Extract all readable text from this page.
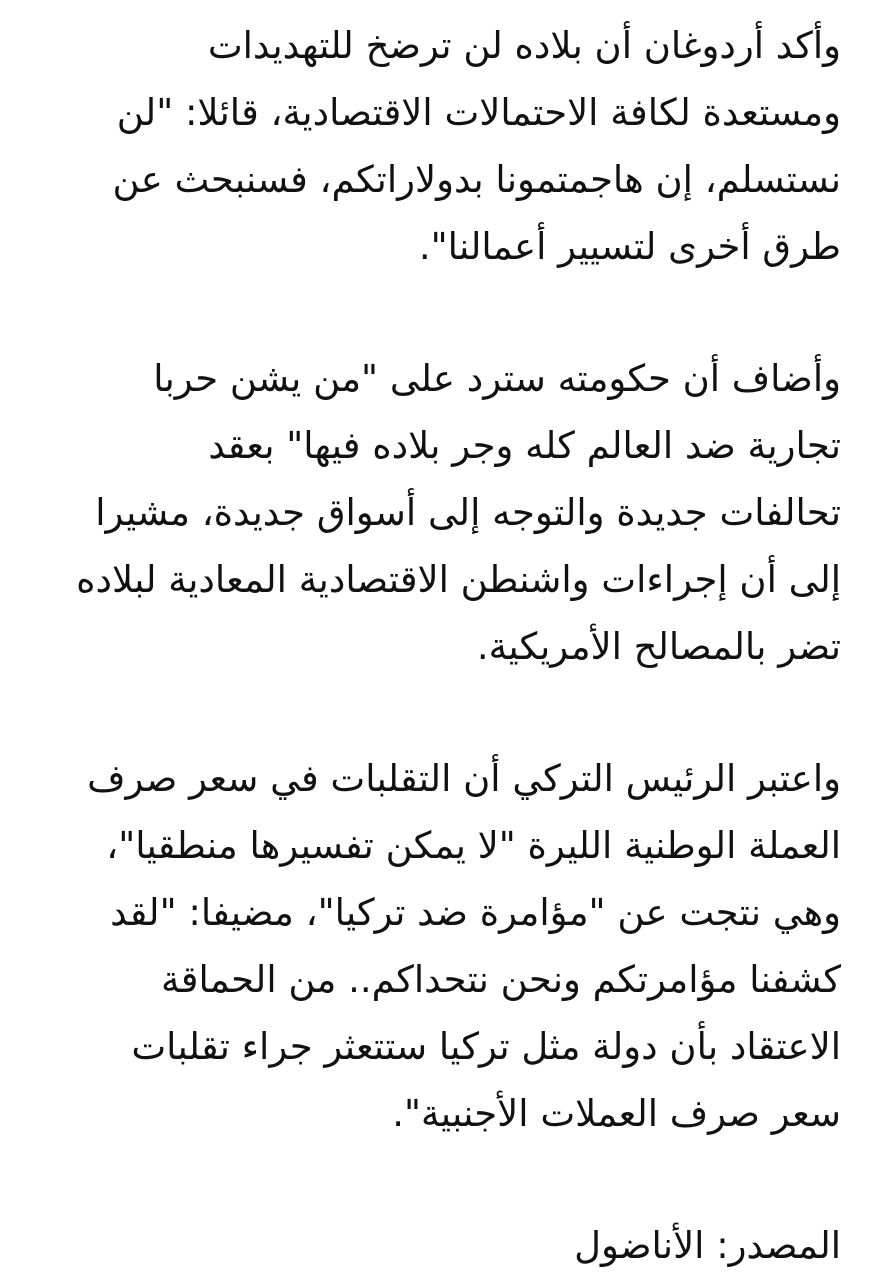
وأكد أردوغان أن بلاده لن ترضخ للتهديدات
ومستعدة لكافة الاحتمالات الاقتصادية، قائلا: "لن
نستسلم، إن هاجمتمونا بدولاراتكم، فسنبحث عن
طرق أخرى لتسيير أعمالنا".
وأضاف أن حكومته سترد على "من يشن حربا
تجارية ضد العالم كله وجر بلاده فيها" بعقد
تحالفات جديدة والتوجه إلى أسواق جديدة، مشيرا
إلى أن إجراءات واشنطن الاقتصادية المعادية لبلاده
تضر بالمصالح الأمريكية.
واعتبر الرئيس التركي أن التقلبات في سعر صرف
العملة الوطنية الليرة "لا يمكن تفسيرها منطقيا"،
وهي نتجت عن "مؤامرة ضد تركيا"، مضيفا: "لقد
كشفنا مؤامرتكم ونحن نتحداكم.. من الحماقة
الاعتقاد بأن دولة مثل تركيا ستتعثر جراء تقلبات
سعر صرف العملات الأجنبية".
المصدر: الأناضول
